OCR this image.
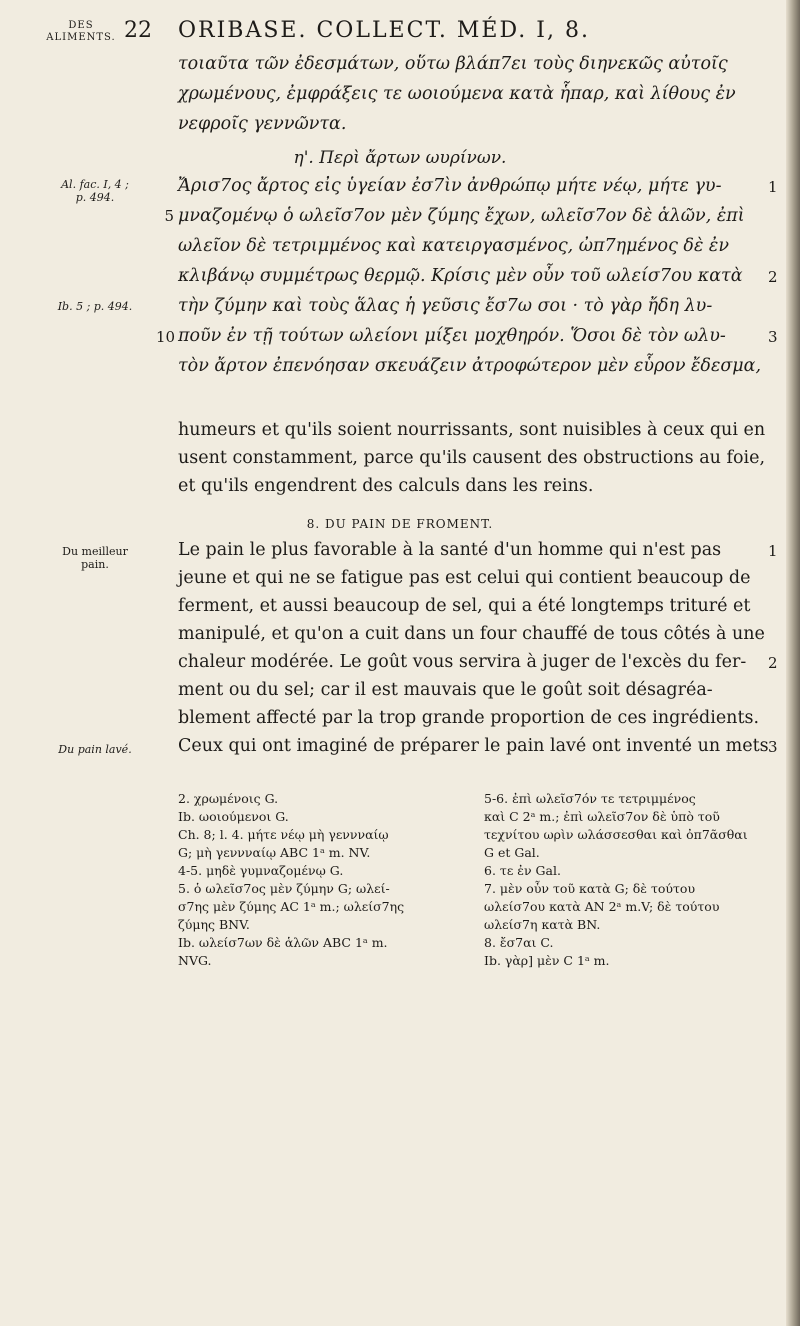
DES
ALIMENTS. 22 ORIBASE. COLLECT. MÉD. I, 8.
τοιαῦτα τῶν ἐδεσμάτων, οὕτω βλάπ7ει τοὺς διηνεκῶς αὐτοῖς
χρωμένους, ἐμφράξεις τε ωοιούμενα κατὰ ἧπαρ, καὶ λίθους ἐν
νεφροῖς γεννῶντα.
η'. Περὶ ἄρτων ωυρίνων.
Al. fac. I, 4 ;
p. 494.
Ib. 5 ; p. 494.
5
10
Ἄρισ7ος ἄρτος εἰς ὑγείαν ἐσ7ὶν ἀνθρώπῳ μήτε νέῳ, μήτε γυ-
μναζομένῳ ὁ ωλεῖσ7ον μὲν ζύμης ἔχων, ωλεῖσ7ον δὲ ἁλῶν, ἐπὶ
ωλεῖον δὲ τετριμμένος καὶ κατειργασμένος, ὠπ7ημένος δὲ ἐν
κλιβάνῳ συμμέτρως θερμῷ. Κρίσις μὲν οὖν τοῦ ωλείσ7ου κατὰ
τὴν ζύμην καὶ τοὺς ἅλας ἡ γεῦσις ἔσ7ω σοι · τὸ γὰρ ἤδη λυ-
ποῦν ἐν τῇ τούτων ωλείονι μίξει μοχθηρόν. Ὅσοι δὲ τὸν ωλυ-
τὸν ἄρτον ἐπενόησαν σκευάζειν ἀτροφώτερον μὲν εὗρον ἔδεσμα,
1
2
3
humeurs et qu'ils soient nourrissants, sont nuisibles à ceux qui en
usent constamment, parce qu'ils causent des obstructions au foie,
et qu'ils engendrent des calculs dans les reins.
8. DU PAIN DE FROMENT.
Du meilleur
pain.
Du pain lavé.
Le pain le plus favorable à la santé d'un homme qui n'est pas
jeune et qui ne se fatigue pas est celui qui contient beaucoup de
ferment, et aussi beaucoup de sel, qui a été longtemps trituré et
manipulé, et qu'on a cuit dans un four chauffé de tous côtés à une
chaleur modérée. Le goût vous servira à juger de l'excès du fer-
ment ou du sel; car il est mauvais que le goût soit désagréa-
blement affecté par la trop grande proportion de ces ingrédients.
Ceux qui ont imaginé de préparer le pain lavé ont inventé un mets
1
2
3
2. χρωμένοις G.
Ib. ωοιούμενοι G.
Ch. 8; l. 4. μήτε νέῳ μὴ γεννναίῳ
G; μὴ γεννναίῳ ABC 1ᵃ m. NV.
4-5. μηδὲ γυμναζομένῳ G.
5. ὁ ωλεῖσ7ος μὲν ζύμην G; ωλεί-
σ7ης μὲν ζύμης AC 1ᵃ m.; ωλείσ7ης
ζύμης BNV.
Ib. ωλείσ7ων δὲ ἁλῶν ABC 1ᵃ m.
NVG.
5-6. ἐπὶ ωλεῖσ7όν τε τετριμμένος
καὶ C 2ᵃ m.; ἐπὶ ωλεῖσ7ον δὲ ὑπὸ τοῦ
τεχνίτου ωρὶν ωλάσσεσθαι καὶ ὀπ7ᾶσθαι
G et Gal.
6. τε ἐν Gal.
7. μὲν οὖν τοῦ κατὰ G; δὲ τούτου
ωλείσ7ου κατὰ AN 2ᵃ m.V; δὲ τούτου
ωλείσ7η κατὰ BN.
8. ἔσ7αι C.
Ib. γὰρ] μὲν C 1ᵃ m.
